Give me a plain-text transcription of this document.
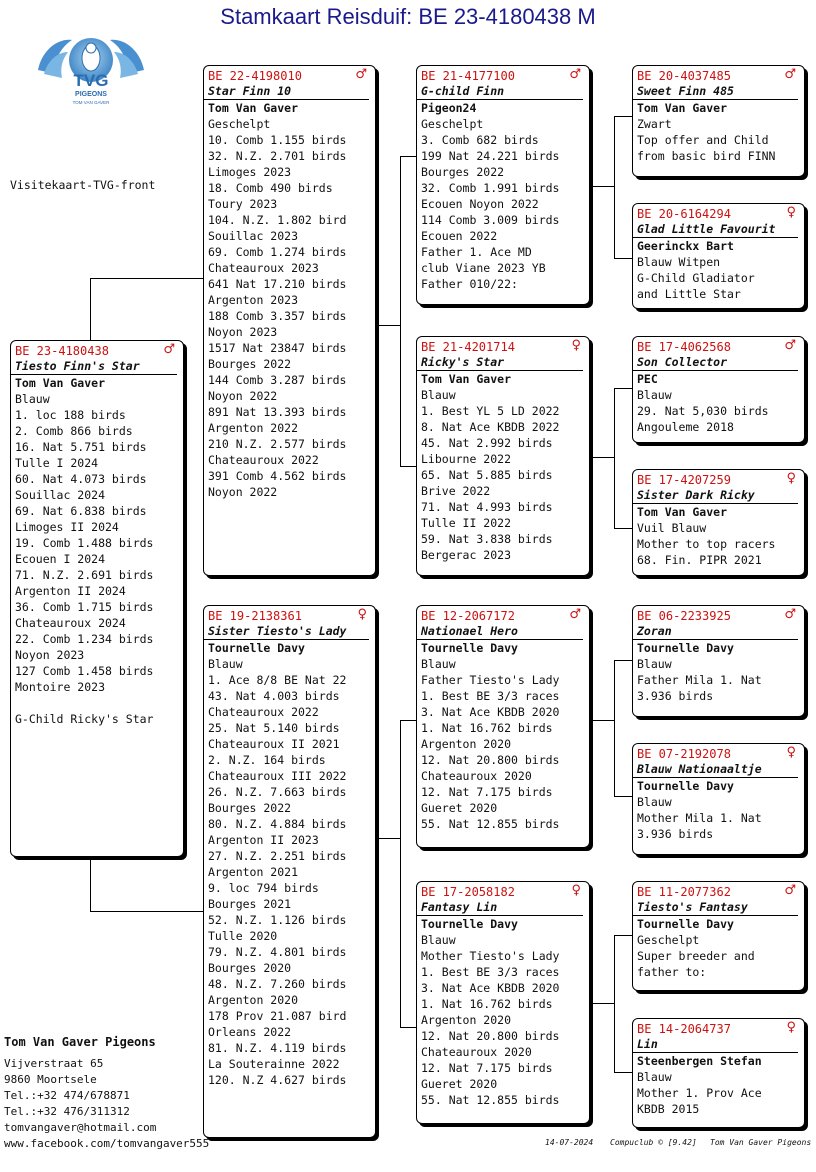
Stamkaart Reisduif: BE 23-4180438 M
TVG
PIGEONS
TOM VAN GAVER
Visitekaart-TVG-front
BE 23-4180438	♂
Tiesto Finn's Star
Tom Van Gaver
Blauw
1. loc 188 birds
2. Comb 866 birds
16. Nat 5.751 birds
Tulle I 2024
60. Nat 4.073 birds
Souillac 2024
69. Nat 6.838 birds
Limoges II 2024
19. Comb 1.488 birds
Ecouen I 2024
71. N.Z. 2.691 birds
Argenton II 2024
36. Comb 1.715 birds
Chateauroux 2024
22. Comb 1.234 birds
Noyon 2023
127 Comb 1.458 birds
Montoire 2023

G-Child Ricky's Star
BE 22-4198010	♂
Star Finn 10
Tom Van Gaver
Geschelpt
10. Comb 1.155 birds
32. N.Z. 2.701 birds
Limoges 2023
18. Comb 490 birds
Toury 2023
104. N.Z. 1.802 bird
Souillac 2023
69. Comb 1.274 birds
Chateauroux 2023
641 Nat 17.210 birds
Argenton 2023
188 Comb 3.357 birds
Noyon 2023
1517 Nat 23847 birds
Bourges 2022
144 Comb 3.287 birds
Noyon 2022
891 Nat 13.393 birds
Argenton 2022
210 N.Z. 2.577 birds
Chateauroux 2022
391 Comb 4.562 birds
Noyon 2022
BE 19-2138361	♀
Sister Tiesto's Lady
Tournelle Davy
Blauw
1. Ace 8/8 BE Nat 22
43. Nat 4.003 birds
Chateauroux 2022
25. Nat 5.140 birds
Chateauroux II 2021
2. N.Z. 164 birds
Chateauroux III 2022
26. N.Z. 7.663 birds
Bourges 2022
80. N.Z. 4.884 birds
Argenton II 2023
27. N.Z. 2.251 birds
Argenton 2021
9. loc 794 birds
Bourges 2021
52. N.Z. 1.126 birds
Tulle 2020
79. N.Z. 4.801 birds
Bourges 2020
48. N.Z. 7.260 birds
Argenton 2020
178 Prov 21.087 bird
Orleans 2022
81. N.Z. 4.119 birds
La Souterainne 2022
120. N.Z 4.627 birds
BE 21-4177100	♂
G-child Finn
Pigeon24
Geschelpt
3. Comb 682 birds
199 Nat 24.221 birds
Bourges 2022
32. Comb 1.991 birds
Ecouen Noyon 2022
114 Comb 3.009 birds
Ecouen 2022
Father 1. Ace MD
club Viane 2023 YB
Father 010/22:
BE 21-4201714	♀
Ricky's Star
Tom Van Gaver
Blauw
1. Best YL 5 LD 2022
8. Nat Ace KBDB 2022
45. Nat 2.992 birds
Libourne 2022
65. Nat 5.885 birds
Brive 2022
71. Nat 4.993 birds
Tulle II 2022
59. Nat 3.838 birds
Bergerac 2023
BE 12-2067172	♂
Nationael Hero
Tournelle Davy
Blauw
Father Tiesto's Lady
1. Best BE 3/3 races
3. Nat Ace KBDB 2020
1. Nat 16.762 birds
Argenton 2020
12. Nat 20.800 birds
Chateauroux 2020
12. Nat 7.175 birds
Gueret 2020
55. Nat 12.855 birds
BE 17-2058182	♀
Fantasy Lin
Tournelle Davy
Blauw
Mother Tiesto's Lady
1. Best BE 3/3 races
3. Nat Ace KBDB 2020
1. Nat 16.762 birds
Argenton 2020
12. Nat 20.800 birds
Chateauroux 2020
12. Nat 7.175 birds
Gueret 2020
55. Nat 12.855 birds
BE 20-4037485	♂
Sweet Finn 485
Tom Van Gaver
Zwart
Top offer and Child
from basic bird FINN
BE 20-6164294	♀
Glad Little Favourit
Geerinckx Bart
Blauw Witpen
G-Child Gladiator
and Little Star
BE 17-4062568	♂
Son Collector
PEC
Blauw
29. Nat 5,030 birds
Angouleme 2018
BE 17-4207259	♀
Sister Dark Ricky
Tom Van Gaver
Vuil Blauw
Mother to top racers
68. Fin. PIPR 2021
BE 06-2233925	♂
Zoran
Tournelle Davy
Blauw
Father Mila 1. Nat
3.936 birds
BE 07-2192078	♀
Blauw Nationaaltje
Tournelle Davy
Blauw
Mother Mila 1. Nat
3.936 birds
BE 11-2077362	♂
Tiesto's Fantasy
Tournelle Davy
Geschelpt
Super breeder and
father to:
BE 14-2064737	♀
Lin
Steenbergen Stefan
Blauw
Mother 1. Prov Ace
KBDB 2015
Tom Van Gaver Pigeons
Vijverstraat 65
9860 Moortsele
Tel.:+32 474/678871
Tel.:+32 476/311312
tomvangaver@hotmail.com
www.facebook.com/tomvangaver555	14-07-2024 Compuclub © [9.42] Tom Van Gaver Pigeons
